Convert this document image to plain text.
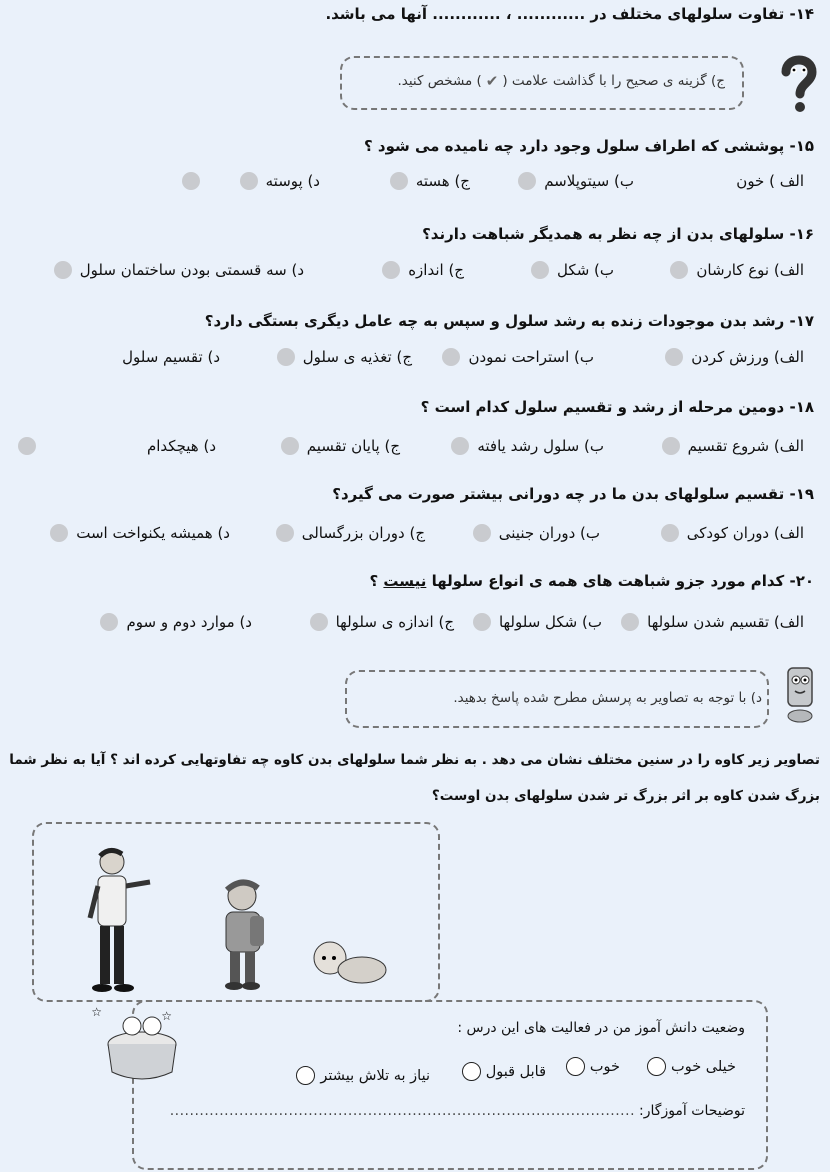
۱۴- تفاوت سلولهای مختلف در ............ ، ............ آنها می باشد.
ج) گزینه ی صحیح را با گذاشت علامت (
✔
) مشخص کنید.
۱۵- پوششی که اطراف سلول وجود دارد چه نامیده می شود ؟
الف ) خون
ب) سیتوپلاسم
ج) هسته
د) پوسته
۱۶- سلولهای بدن از چه نظر به همدیگر شباهت دارند؟
الف) نوع کارشان
ب) شکل
ج) اندازه
د) سه قسمتی بودن ساختمان سلول
۱۷- رشد بدن موجودات زنده به رشد سلول و سپس به چه عامل دیگری بستگی دارد؟
الف) ورزش کردن
ب) استراحت نمودن
ج) تغذیه ی سلول
د) تقسیم سلول
۱۸- دومین مرحله از رشد و تقسیم سلول کدام است ؟
الف) شروع تقسیم
ب) سلول رشد یافته
ج) پایان تقسیم
د) هیچکدام
۱۹- تقسیم سلولهای بدن ما در چه دورانی بیشتر صورت می گیرد؟
الف) دوران کودکی
ب) دوران جنینی
ج) دوران بزرگسالی
د) همیشه یکنواخت است
۲۰- کدام مورد جزو شباهت های همه ی انواع سلولها نیست ؟
الف) تقسیم شدن سلولها
ب) شکل سلولها
ج) اندازه ی سلولها
د) موارد دوم و سوم
د) با توجه به تصاویر به پرسش مطرح شده پاسخ بدهید.
تصاویر زیر کاوه را در سنین مختلف نشان می دهد . به نظر شما سلولهای بدن کاوه چه تفاوتهایی کرده اند ؟ آیا به نظر شما
بزرگ شدن کاوه بر اثر بزرگ تر شدن سلولهای بدن اوست؟
☆	☆
وضعیت دانش آموز من در فعالیت های این درس :
خیلی خوب
خوب
قابل قبول
نیاز به تلاش بیشتر
توضیحات آموزگار:
..............................................................................................
